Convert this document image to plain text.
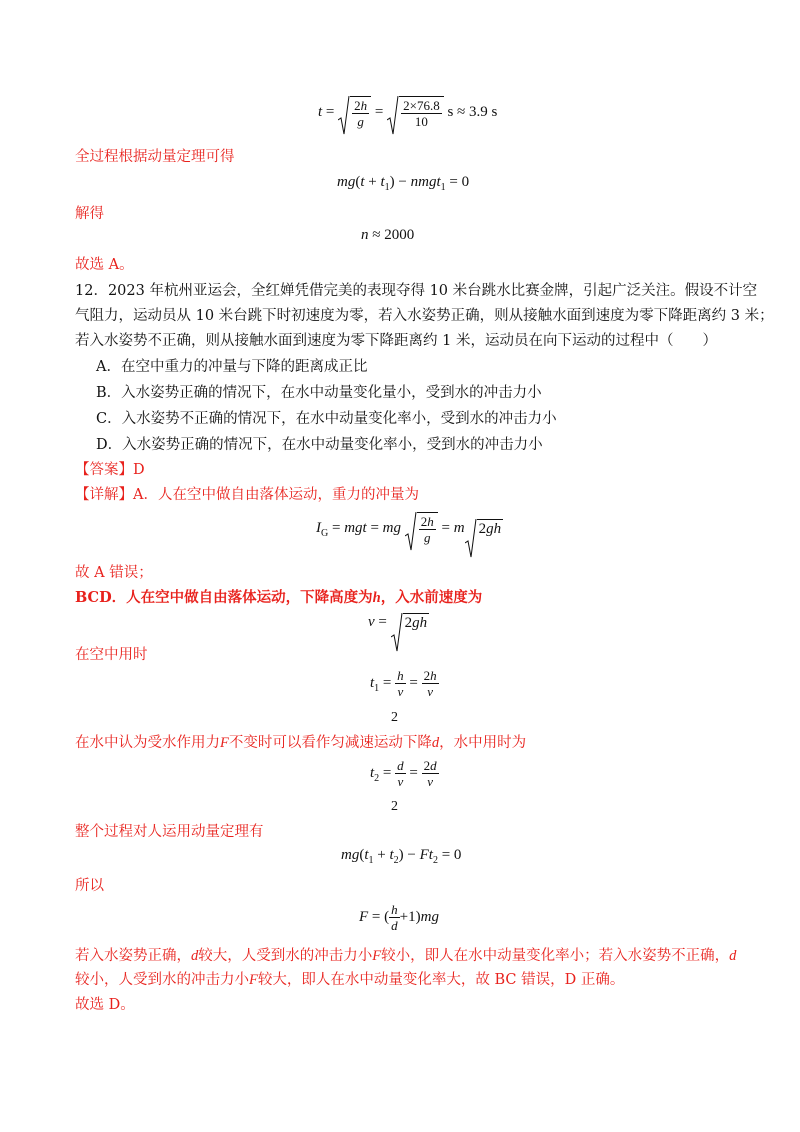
$t = \frac{2h}{g} = \frac{2\times 76.8}{10}$ s ≈ 3.9 s
全过程根据动量定理可得
$mg(t + t_1)$ − nmgt$_1$ = 0
解得
n ≈ 2000
故选 A。
12．2023 年杭州亚运会，全红婵凭借完美的表现夺得 10 米台跳水比赛金牌，引起广泛关注。假设不计空
气阻力，运动员从 10 米台跳下时初速度为零，若入水姿势正确，则从接触水面到速度为零下降距离约 3 米；
若入水姿势不正确，则从接触水面到速度为零下降距离约 1 米，运动员在向下运动的过程中（　　）
A．在空中重力的冲量与下降的距离成正比
B．入水姿势正确的情况下，在水中动量变化量小，受到水的冲击力小
C．入水姿势不正确的情况下，在水中动量变化率小，受到水的冲击力小
D．入水姿势正确的情况下，在水中动量变化率小，受到水的冲击力小
【答案】D
【详解】A．人在空中做自由落体运动，重力的冲量为
$I_G$ = mgt = mg $\frac{2h}{g} = m$ 2gh
故 A 错误；
BCD．人在空中做自由落体运动，下降高度为h，入水前速度为
v =
2gh
在空中用时
$t_1 = \frac{h}{v} = \frac{2h}{v}$
2
在水中认为受水作用力F不变时可以看作匀减速运动下降d，水中用时为
$t_2 = \frac{d}{v} = \frac{2d}{v}$
2
整个过程对人运用动量定理有
$mg(t_1 + t_2) - Ft_2 = 0$
所以
F = ( $\frac{h}{d} +1)mg$
若入水姿势正确，d较大，人受到水的冲击力小F较小，即人在水中动量变化率小；若入水姿势不正确，d
较小，人受到水的冲击力小F较大，即人在水中动量变化率大，故 BC 错误，D 正确。
故选 D。
